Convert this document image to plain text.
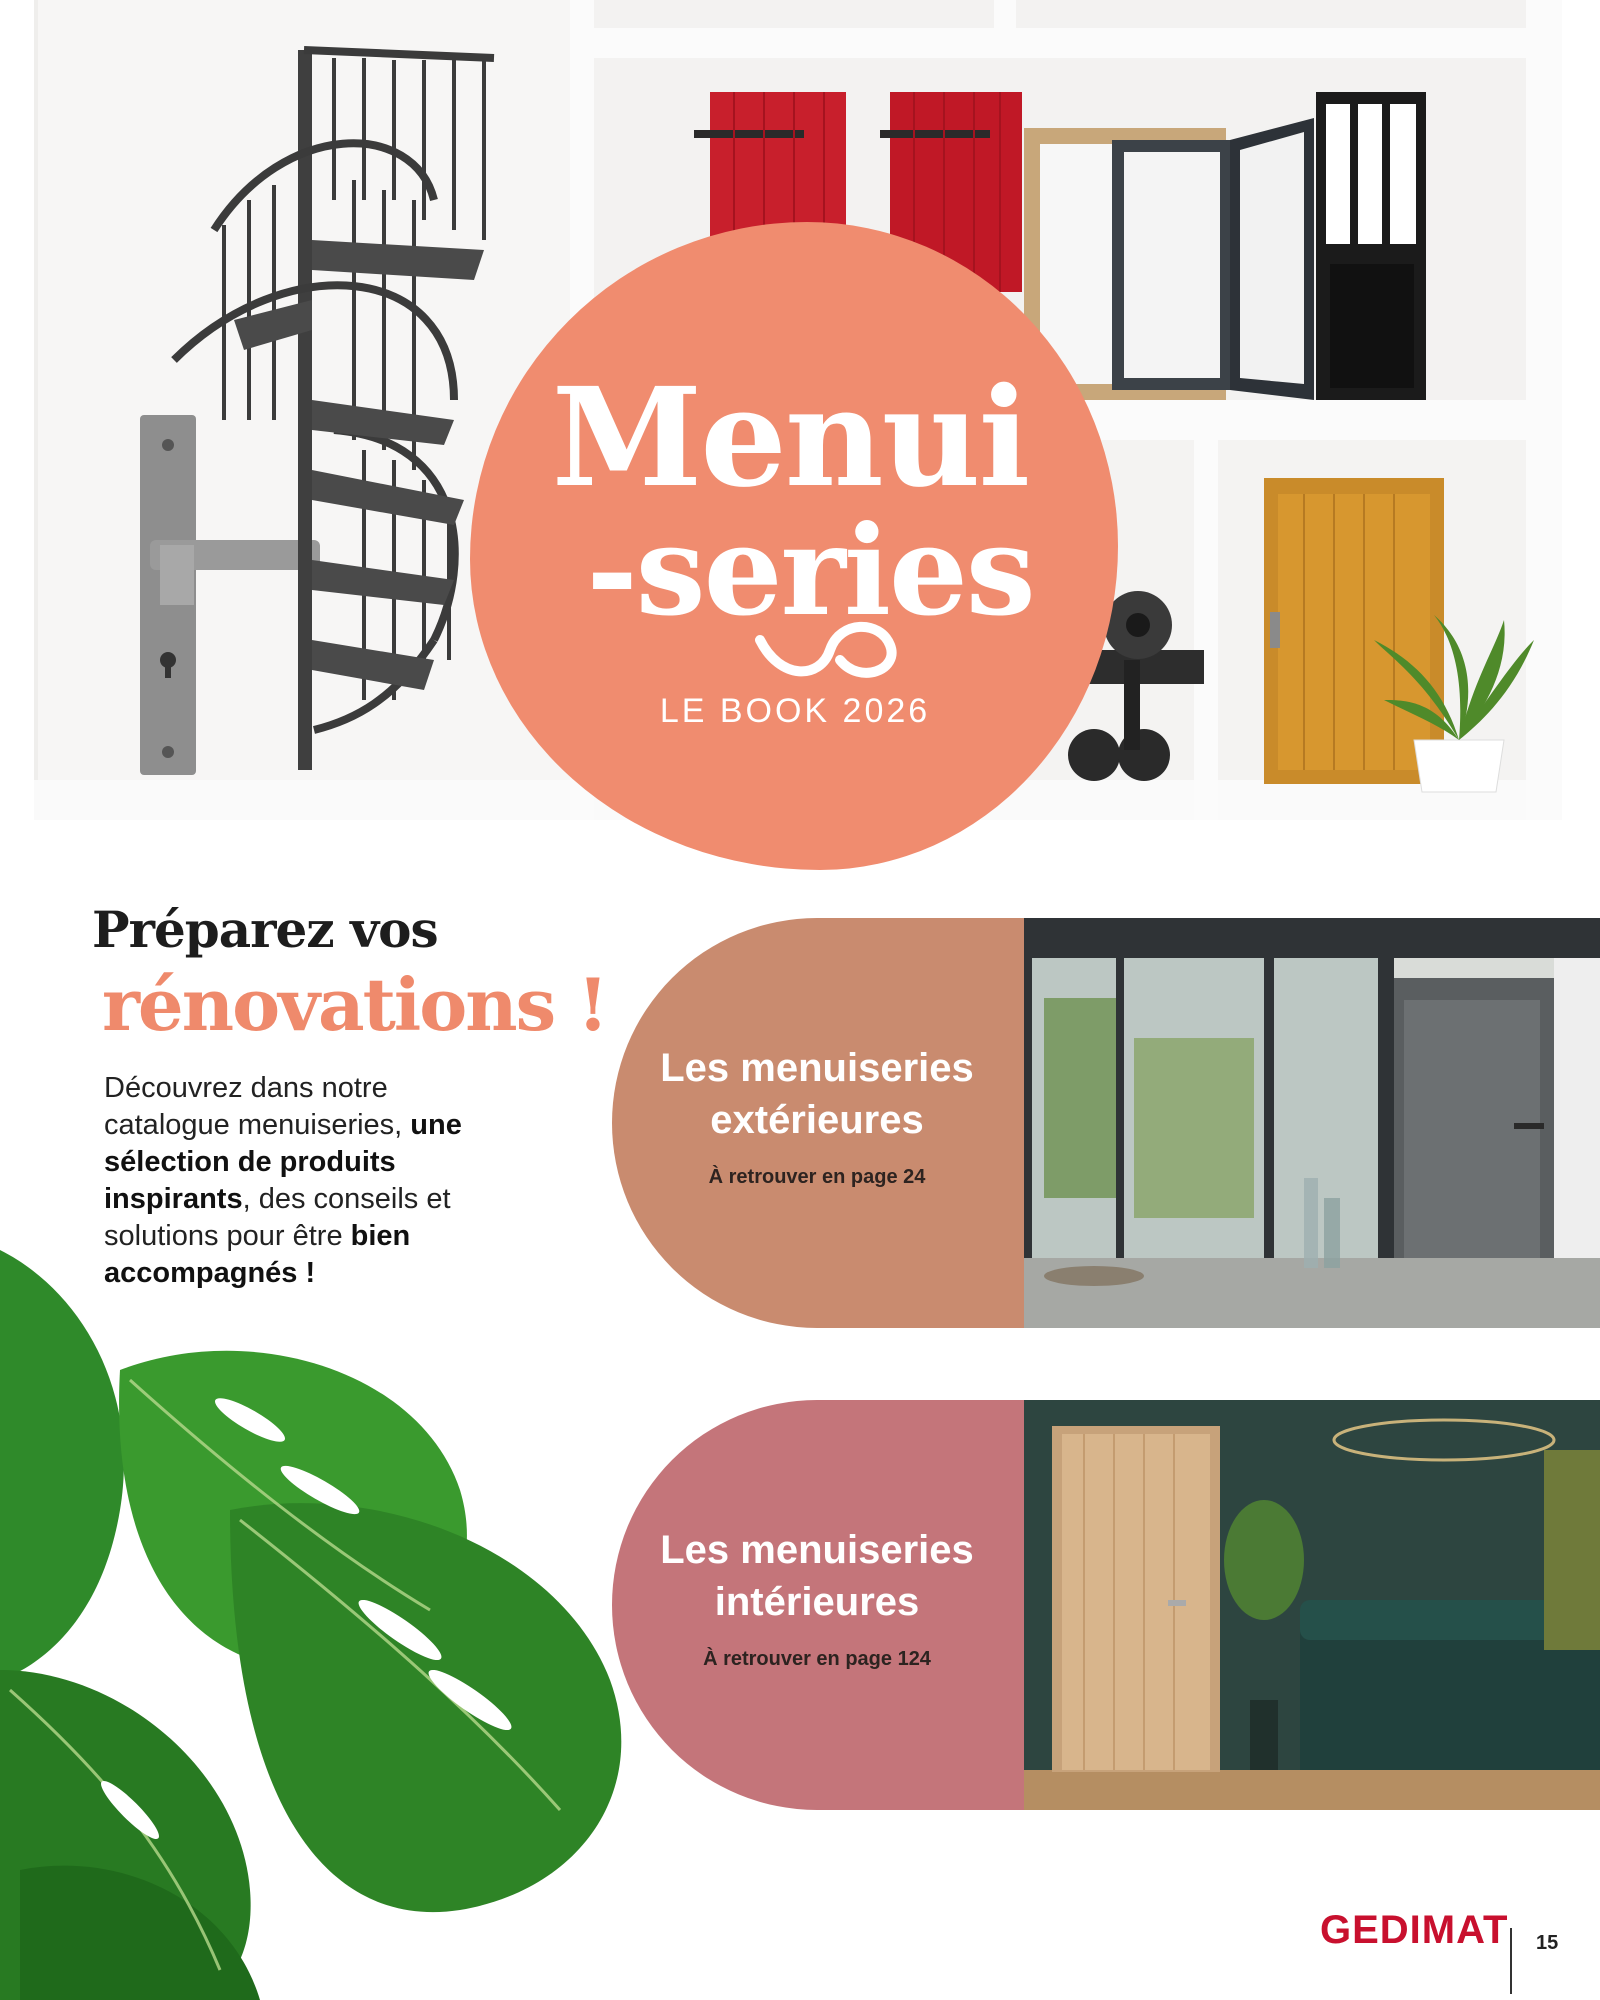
Menui
-series
LE BOOK 2026
Préparez vos
rénovations !
Découvrez dans notre catalogue menuiseries, une sélection de produits inspirants, des conseils et solutions pour être bien accompagnés !
Les menuiseries
extérieures
À retrouver en page 24
Les menuiseries
intérieures
À retrouver en page 124
GEDIMAT 15
